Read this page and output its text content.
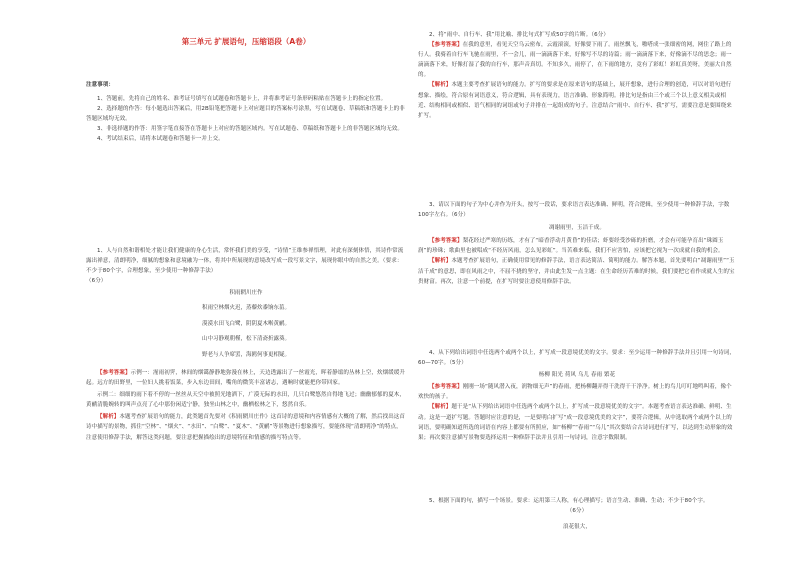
第三单元 扩展语句，压缩语段（A卷）

注意事项：

1、答题前，先将自己的姓名、准考证号填写在试题卷和答题卡上，并将准考证号条形码粘贴在答题卡上的指定位置。

2、选择题的作答：每小题选出答案后，用2B铅笔把答题卡上对应题目的答案标号涂黑，写在试题卷、草稿纸和答题卡上的非答题区域均无效。

3、非选择题的作答：用签字笔直接答在答题卡上对应的答题区域内。写在试题卷、草稿纸和答题卡上的非答题区域均无效。

4、考试结束后，请将本试题卷和答题卡一并上交。

1、人与自然和谐相处才能让我们健康的身心生活，常怀我们美的享受，“诗情”王维参禅悟理，对此有深刻体悟，其诗作常流露出禅意，清朗明净，细腻的想象和意境融为一体，将其中所展现的意境改写成一段写景文字，展现你眼中的自然之美。（要求：不少于80个字，合理想象，至少使用一种修辞手法）

（6分）

积雨辋川庄作

积雨空林烟火迟，蒸藜炊黍饷东菑。

漠漠水田飞白鹭，阴阴夏木啭黄鹂。

山中习静观朝槿，松下清斋折露葵。

野老与人争席罢，海鸥何事更相疑。

【参考答案】示例一：霪雨初霁，林间的烟霭静静地弥漫在林上，天边透露出了一丝霞光，晖着静谧的丛林上空，炊烟缓缓升起。远方的田野里，一位妇人挑着饭菜，步入东边田间，嘴角的微笑丰富诸志，遇晌时就能把你带回家。

示例二：细细的雨下着不停的一丝丝从天空中被照光地洒下，广漠无际的水田，几只白鹭悠然自得地飞过；幽幽郁郁的夏木，黄鹂清脆婉转的叫声点亮了心中那份闲适宁静，独坐山林之中，幽栖松林之下，悠然自乐。

【解析】本题考查扩展语句的能力，此类题首先要对《积雨辋川庄作》这首诗的意境和内容情感有大概的了解，然后找出这首诗中描写的景物，抓住“空林”、“烟火”、“水田”、“白鹭”、“夏木”、“黄鹂”等景物进行想象描写，要能体现“清朗明净”的特点，注意使用修辞手法，解答这类问题，要注意把握描绘出的意境特征和情感的描写特点等。

2、将“雨中、自行车、我”用比喻、排比句式扩写成50字的片断。（6分）

【参考答案】在我的意里，看见天空乌云密布，云霞滚滚，好像要下雨了。雨丝飘飞，啪嗒成一张细密的网，网住了路上的行人。我骑着自行车飞驰在雨里，不一会儿，雨一滴滴落下来，好像写不尽的诗篇；雨一滴滴落下来，好像滴不尽的思念；雨一滴滴落下来，好像打湿了我的自行车，那声音真切。不知多久，雨停了，在下雨的地方，竟有了彩虹！彩虹真美呀，美丽大自然的。

【解析】本题主要考查扩展语句的能力。扩写的要求是在原来语句的基础上，展开想象，进行合理的创造，可以对语句进行想象、描绘，符合原有词语意义，符合逻辑，具有表现力，语言准确、形象简明。排比句是指由三个或三个以上意义相关或相近、结构相同或相似、语气相同的词组或句子并排在一起组成的句子。注意结合“雨中、自行车、我”扩写，需要注意是要围绕来扩写。

3、请以下面的句子为中心并作为开头，按写一段话，要求语言表达准确、鲜明，符合逻辑，至少使用一种修辞手法，字数100字左右。（6分）

凋谢雨里，玉洁千成。

【参考答案】梨花经过严寒的历练，才有了“暗香浮动月黄昏”的佳话；虾要经受沙砾的折磨，才会有可能孕育出“珠圆玉润”的珍珠；歌曲里也被唱成“不经历风雨，怎么见彩虹”。当苦难来临，我们不应害怕，应该把它视为一次成就自我的机会。

【解析】本题考查扩展语句，正确使用常见的修辞手法，语言表达简洁、简明的能力。解答本题，首先要明白“凋谢雨里”“玉洁千成”的意思，即在风雨之中，不屈不挠的坚守，并由此生发一点主题：在生命经历苦难的时候，我们要把它看作成就人生的宝贵财富。再次，注意一个前提，在扩写时要注意使用修辞手法。

4、从下列给出词语中任选两个或两个以上，扩写成一段意境优美的文字。要求：至少运用一种修辞手法并且引用一句诗词，60—70字。（5分）

杨柳 阳光 荷风 乌儿 春雨 繁花

【参考答案】刚刚一场“随风潜入夜，润物细无声”的春雨，把杨柳翻弄得干洗得干干净净。树上的鸟儿叮叮地鸣叫着，像个欢快的孩子。

【解析】题干是“从下列给出词语中任选两个或两个以上，扩写成一段意境优美的文字”。本题考查语言表达准确、鲜明、生动。这是一道扩写题。答题时应注意的是，一是要明白扩写“成一段意境优美的文字”，要符合逻辑，从中选取两个或两个以上的词语，要明确知道所选的词语在内容上都要有所照应，如“杨柳”“春雨”“乌儿”其次要结合古诗词进行扩写，以达到生动形象的效果；再次要注意描写景物要选择运用一种修辞手法并且引用一句诗词，注意字数限制。

5、根据下面的句，描写一个场景。要求：运用第三人称，有心理描写；语言生动、准确、生动；不少于80个字。

（6分）

浪花很大，
